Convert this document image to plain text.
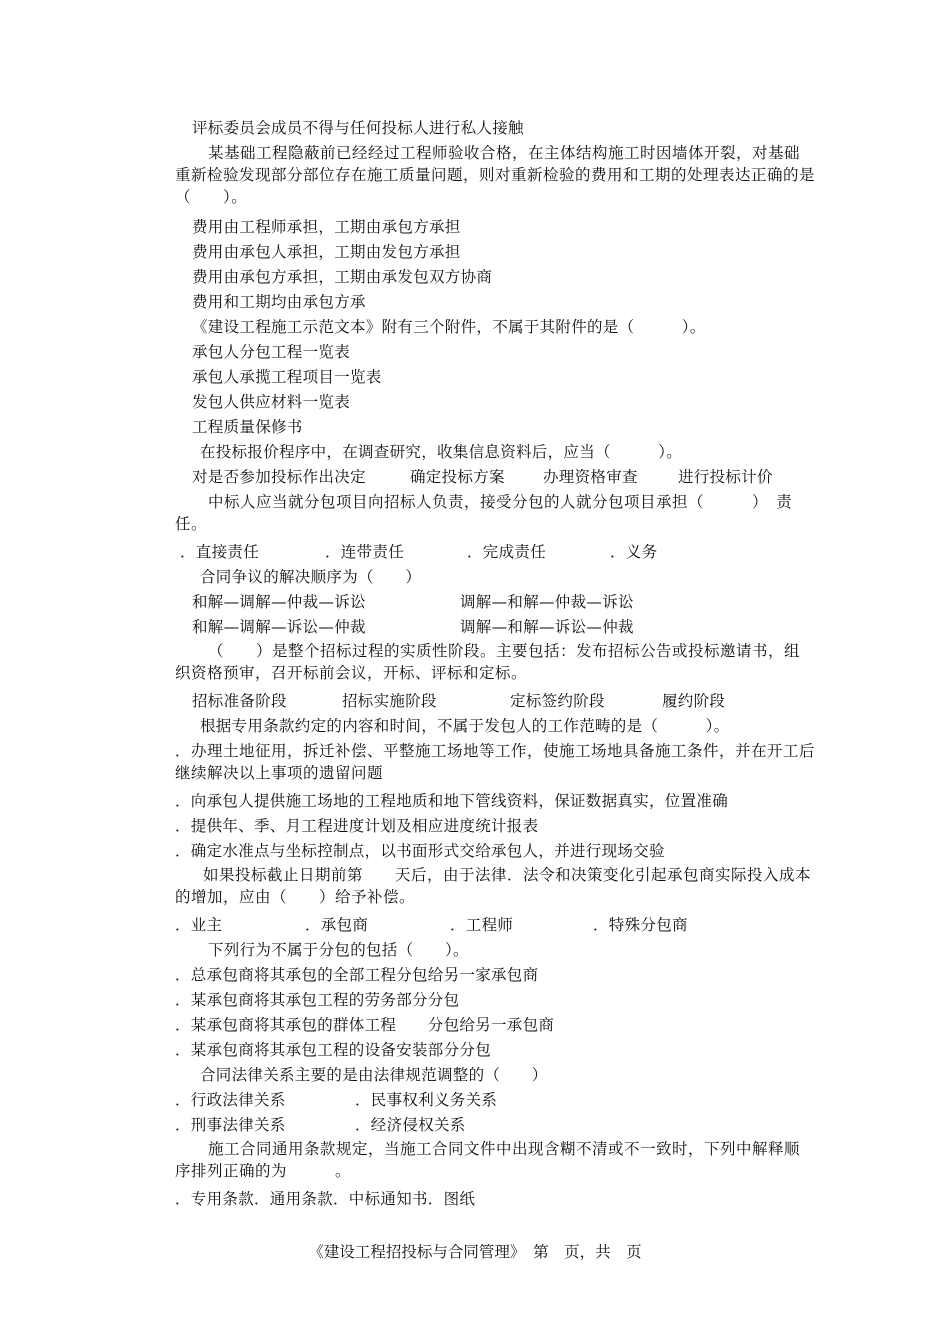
评标委员会成员不得与任何投标人进行私人接触
某基础工程隐蔽前已经经过工程师验收合格，在主体结构施工时因墙体开裂，对基础重新检验发现部分部位存在施工质量问题，则对重新检验的费用和工期的处理表达正确的是（　　）。
费用由工程师承担，工期由承包方承担
费用由承包人承担，工期由发包方承担
费用由承包方承担，工期由承发包双方协商
费用和工期均由承包方承
《建设工程施工示范文本》附有三个附件，不属于其附件的是（　　　）。
承包人分包工程一览表
承包人承揽工程项目一览表
发包人供应材料一览表
工程质量保修书
在投标报价程序中，在调查研究，收集信息资料后，应当（　　　）。
对是否参加投标作出决定	确定投标方案 办理资格审查	进行投标计价
中标人应当就分包项目向招标人负责，接受分包的人就分包项目承担（　　　）　责任。
．直接责任	．连带责任	．完成责任	．义务
合同争议的解决顺序为（　　）
和解—调解—仲裁—诉讼	调解—和解—仲裁—诉讼
和解—调解—诉讼—仲裁	调解—和解—诉讼—仲裁
（　　）是整个招标过程的实质性阶段。主要包括：发布招标公告或投标邀请书，组织资格预审，召开标前会议，开标、评标和定标。
招标准备阶段	招标实施阶段	定标签约阶段	履约阶段
根据专用条款约定的内容和时间，不属于发包人的工作范畴的是（　　　）。
．办理土地征用，拆迁补偿、平整施工场地等工作，使施工场地具备施工条件，并在开工后继续解决以上事项的遗留问题
．向承包人提供施工场地的工程地质和地下管线资料，保证数据真实，位置准确
．提供年、季、月工程进度计划及相应进度统计报表
．确定水准点与坐标控制点，以书面形式交给承包人，并进行现场交验
如果投标截止日期前第　　天后，由于法律．法令和决策变化引起承包商实际投入成本的增加，应由（　　）给予补偿。
．业主	．承包商	．工程师	．特殊分包商
下列行为不属于分包的包括（　　）。
．总承包商将其承包的全部工程分包给另一家承包商
．某承包商将其承包工程的劳务部分分包
．某承包商将其承包的群体工程　　分包给另一承包商
．某承包商将其承包工程的设备安装部分分包
合同法律关系主要的是由法律规范调整的（　　）
．行政法律关系	．民事权利义务关系
．刑事法律关系	．经济侵权关系
施工合同通用条款规定，当施工合同文件中出现含糊不清或不一致时，下列中解释顺序排列正确的为　　　。
．专用条款．通用条款．中标通知书．图纸
《建设工程招投标与合同管理》　第　页，共　页
